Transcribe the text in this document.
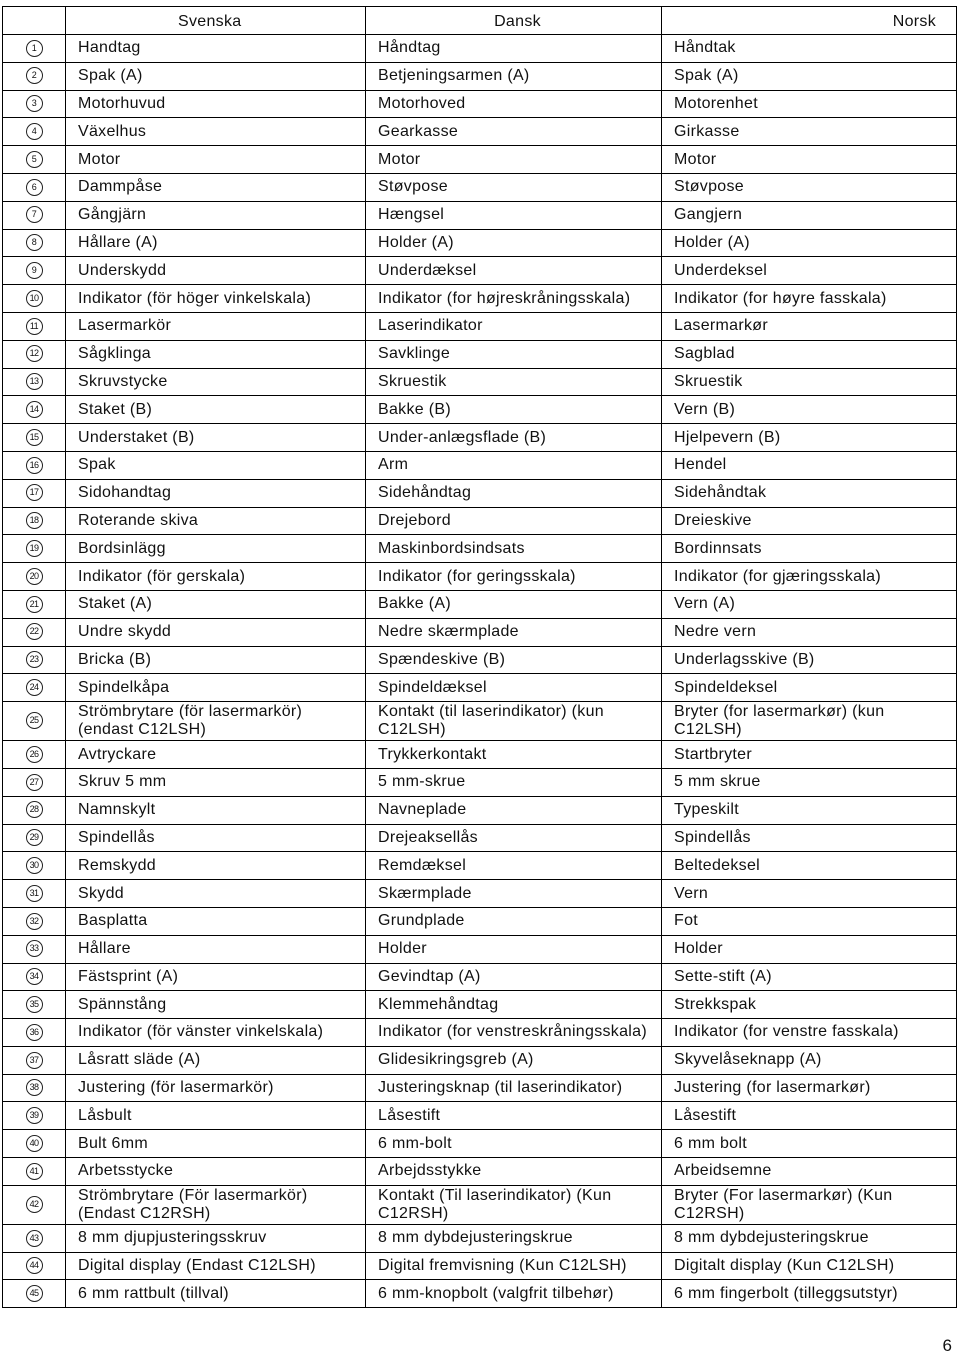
	Svenska	Dansk	Norsk
1	Handtag	Håndtag	Håndtak
2	Spak (A)	Betjeningsarmen (A)	Spak (A)
3	Motorhuvud	Motorhoved	Motorenhet
4	Växelhus	Gearkasse	Girkasse
5	Motor	Motor	Motor
6	Dammpåse	Støvpose	Støvpose
7	Gångjärn	Hængsel	Gangjern
8	Hållare (A)	Holder (A)	Holder (A)
9	Underskydd	Underdæksel	Underdeksel
10	Indikator (för höger vinkelskala)	Indikator (for højreskråningsskala)	Indikator (for høyre fasskala)
11	Lasermarkör	Laserindikator	Lasermarkør
12	Sågklinga	Savklinge	Sagblad
13	Skruvstycke	Skruestik	Skruestik
14	Staket (B)	Bakke (B)	Vern (B)
15	Understaket (B)	Under-anlægsflade (B)	Hjelpevern (B)
16	Spak	Arm	Hendel
17	Sidohandtag	Sidehåndtag	Sidehåndtak
18	Roterande skiva	Drejebord	Dreieskive
19	Bordsinlägg	Maskinbordsindsats	Bordinnsats
20	Indikator (för gerskala)	Indikator (for geringsskala)	Indikator (for gjæringsskala)
21	Staket (A)	Bakke (A)	Vern (A)
22	Undre skydd	Nedre skærmplade	Nedre vern
23	Bricka (B)	Spændeskive (B)	Underlagsskive (B)
24	Spindelkåpa	Spindeldæksel	Spindeldeksel
25	Strömbrytare (för lasermarkör) (endast C12LSH)	Kontakt (til laserindikator) (kun C12LSH)	Bryter (for lasermarkør) (kun C12LSH)
26	Avtryckare	Trykkerkontakt	Startbryter
27	Skruv 5 mm	5 mm-skrue	5 mm skrue
28	Namnskylt	Navneplade	Typeskilt
29	Spindellås	Drejeaksellås	Spindellås
30	Remskydd	Remdæksel	Beltedeksel
31	Skydd	Skærmplade	Vern
32	Basplatta	Grundplade	Fot
33	Hållare	Holder	Holder
34	Fästsprint (A)	Gevindtap (A)	Sette-stift (A)
35	Spännstång	Klemmehåndtag	Strekkspak
36	Indikator (för vänster vinkelskala)	Indikator (for venstreskråningsskala)	Indikator (for venstre fasskala)
37	Låsratt släde (A)	Glidesikringsgreb (A)	Skyvelåseknapp (A)
38	Justering (för lasermarkör)	Justeringsknap (til laserindikator)	Justering (for lasermarkør)
39	Låsbult	Låsestift	Låsestift
40	Bult 6mm	6 mm-bolt	6 mm bolt
41	Arbetsstycke	Arbejdsstykke	Arbeidsemne
42	Strömbrytare (För lasermarkör) (Endast C12RSH)	Kontakt (Til laserindikator) (Kun C12RSH)	Bryter (For lasermarkør) (Kun C12RSH)
43	8 mm djupjusteringsskruv	8 mm dybdejusteringskrue	8 mm dybdejusteringskrue
44	Digital display (Endast C12LSH)	Digital fremvisning (Kun C12LSH)	Digitalt display (Kun C12LSH)
45	6 mm rattbult (tillval)	6 mm-knopbolt (valgfrit tilbehør)	6 mm fingerbolt (tilleggsutstyr)
6
